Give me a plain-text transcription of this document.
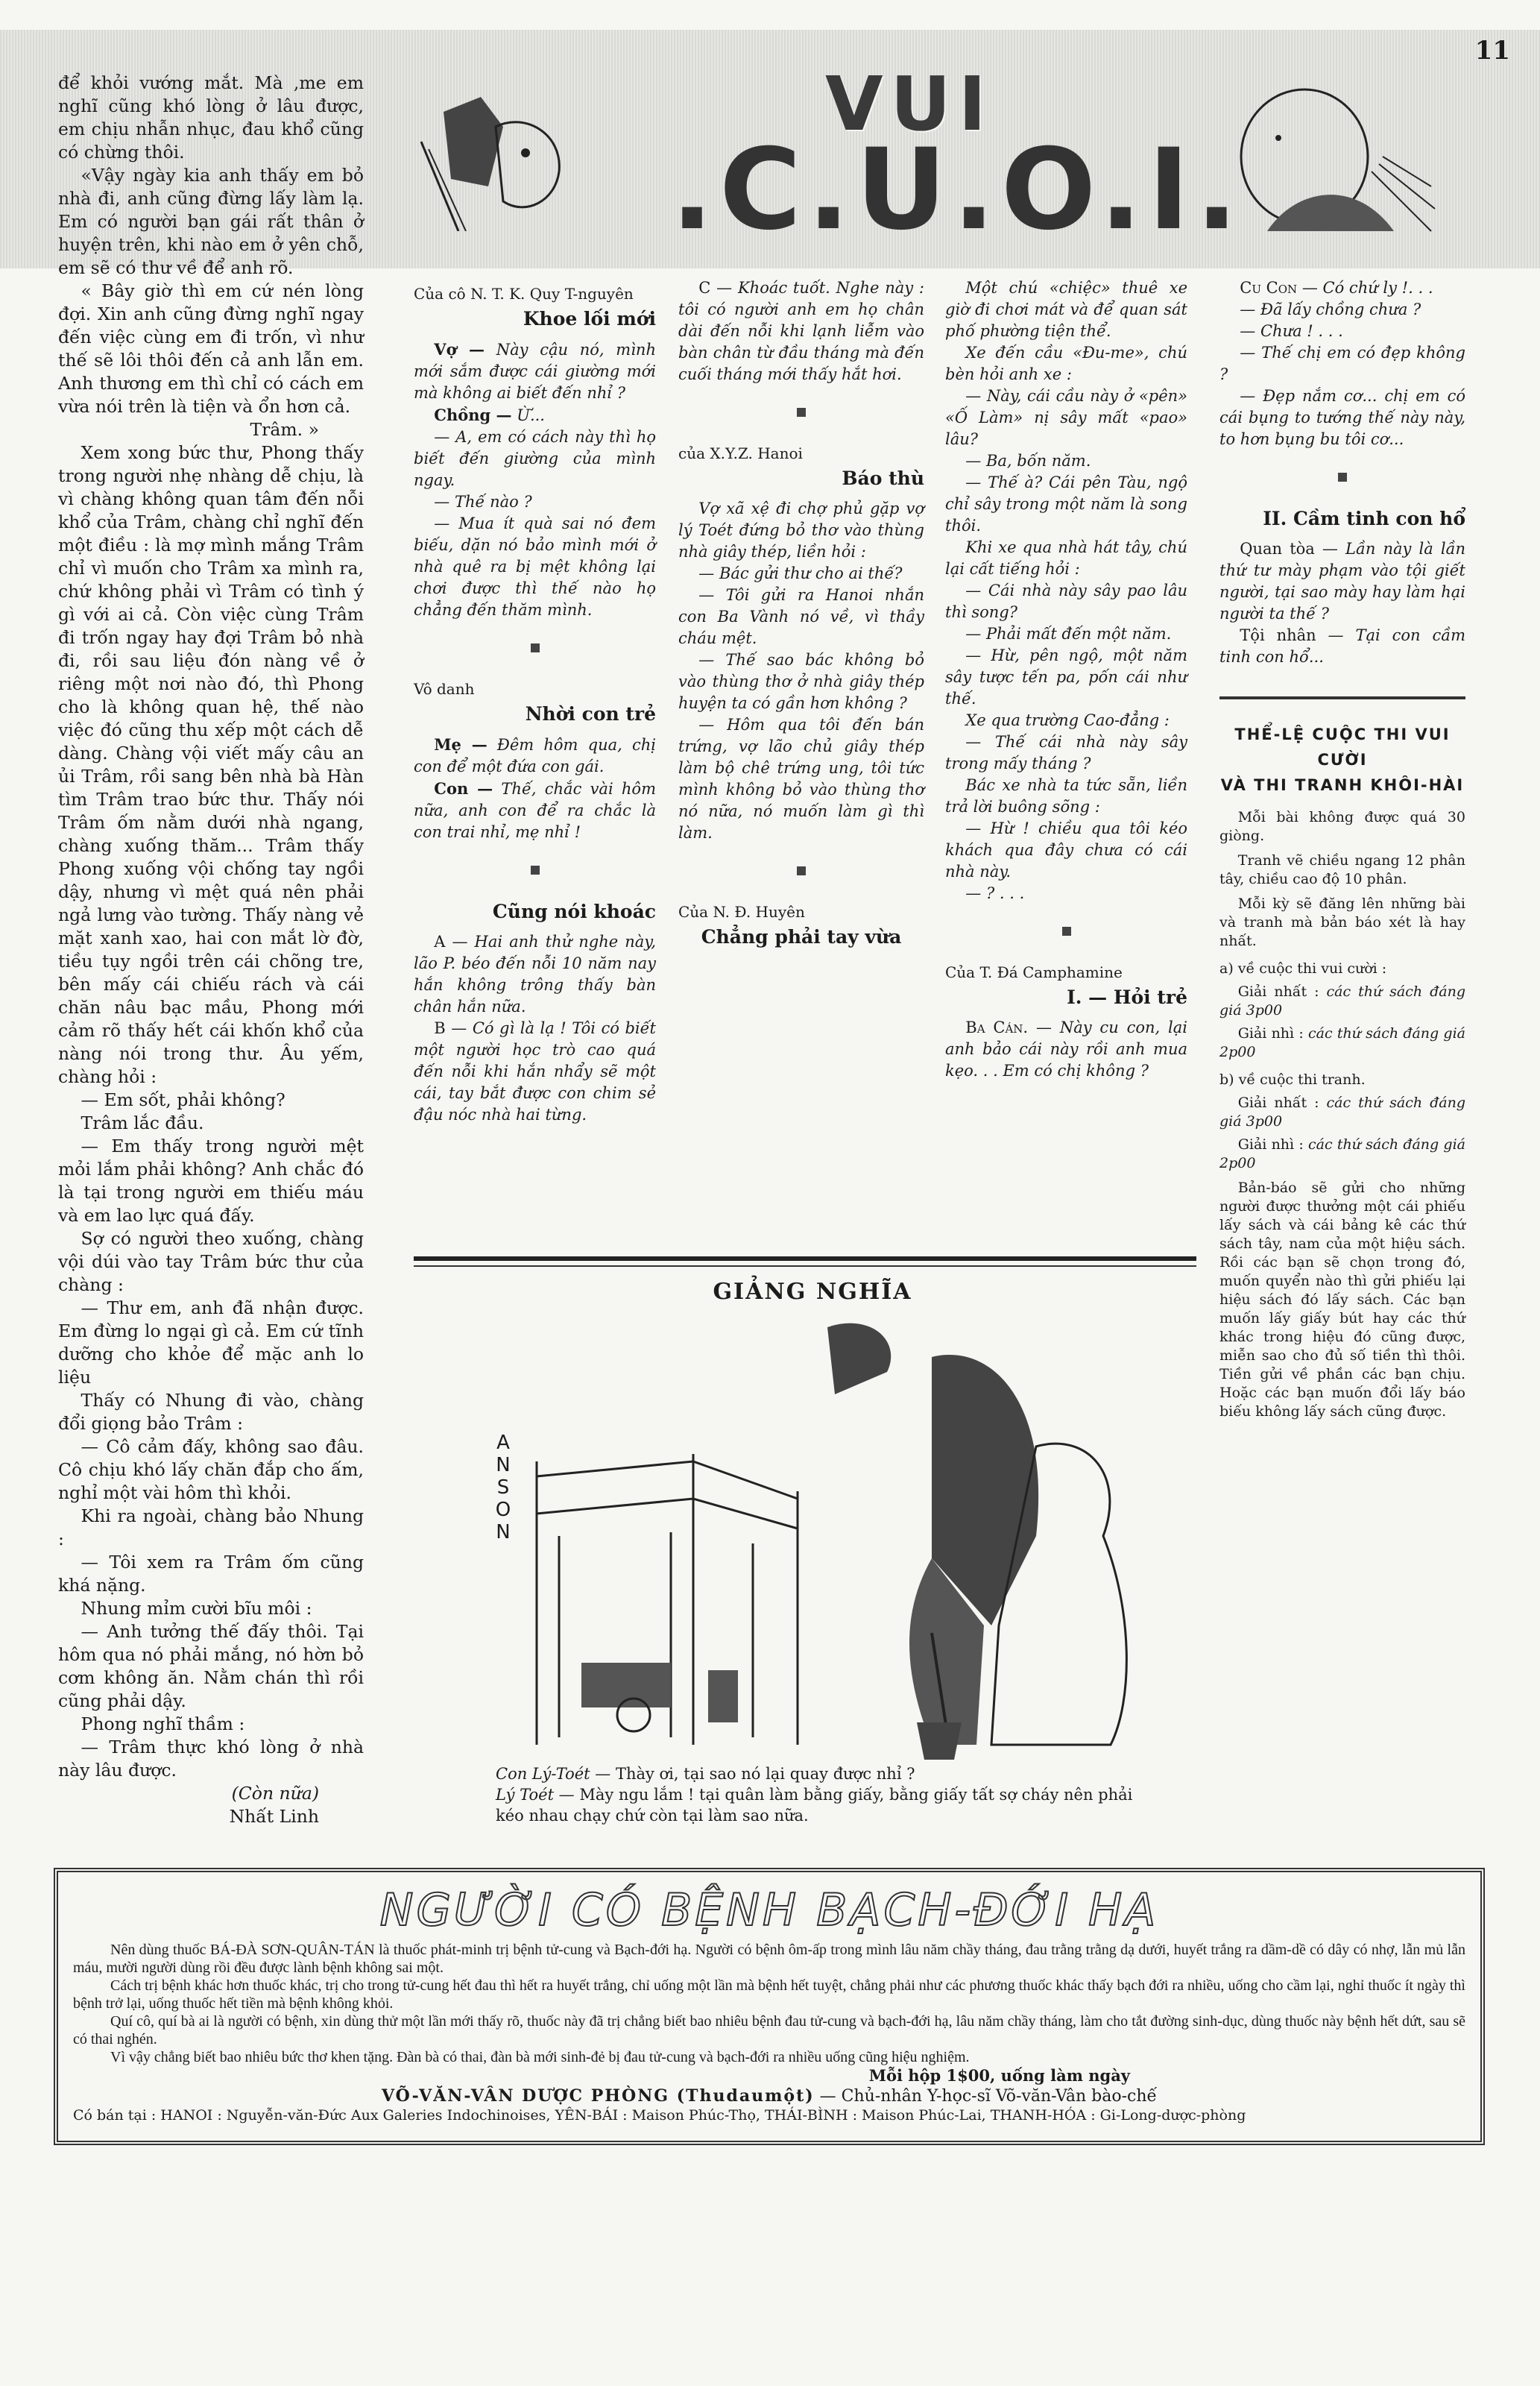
11
VUI
.C.U.O.I.

để khỏi vướng mắt. Mà ,me em nghĩ cũng khó lòng ở lâu được, em chịu nhẫn nhục, đau khổ cũng có chừng thôi.

«Vậy ngày kia anh thấy em bỏ nhà đi, anh cũng đừng lấy làm lạ. Em có người bạn gái rất thân ở huyện trên, khi nào em ở yên chỗ, em sẽ có thư về để anh rõ.

« Bây giờ thì em cứ nén lòng đợi. Xin anh cũng đừng nghĩ ngay đến việc cùng em đi trốn, vì như thế sẽ lôi thôi đến cả anh lẫn em. Anh thương em thì chỉ có cách em vừa nói trên là tiện và ổn hơn cả.

Trâm. »

Xem xong bức thư, Phong thấy trong người nhẹ nhàng dễ chịu, là vì chàng không quan tâm đến nỗi khổ của Trâm, chàng chỉ nghĩ đến một điều : là mợ mình mắng Trâm chỉ vì muốn cho Trâm xa mình ra, chứ không phải vì Trâm có tình ý gì với ai cả. Còn việc cùng Trâm đi trốn ngay hay đợi Trâm bỏ nhà đi, rồi sau liệu đón nàng về ở riêng một nơi nào đó, thì Phong cho là không quan hệ, thế nào việc đó cũng thu xếp một cách dễ dàng. Chàng vội viết mấy câu an ủi Trâm, rồi sang bên nhà bà Hàn tìm Trâm trao bức thư. Thấy nói Trâm ốm nằm dưới nhà ngang, chàng xuống thăm... Trâm thấy Phong xuống vội chống tay ngồi dậy, nhưng vì mệt quá nên phải ngả lưng vào tường. Thấy nàng vẻ mặt xanh xao, hai con mắt lờ đờ, tiều tụy ngồi trên cái chõng tre, bên mấy cái chiếu rách và cái chăn nâu bạc mầu, Phong mới cảm rõ thấy hết cái khốn khổ của nàng nói trong thư. Âu yếm, chàng hỏi :

— Em sốt, phải không?

Trâm lắc đầu.

— Em thấy trong người mệt mỏi lắm phải không? Anh chắc đó là tại trong người em thiếu máu và em lao lực quá đấy.

Sợ có người theo xuống, chàng vội dúi vào tay Trâm bức thư của chàng :

— Thư em, anh đã nhận được. Em đừng lo ngại gì cả. Em cứ tĩnh dưỡng cho khỏe để mặc anh lo liệu

Thấy có Nhung đi vào, chàng đổi giọng bảo Trâm :

— Cô cảm đấy, không sao đâu. Cô chịu khó lấy chăn đắp cho ấm, nghỉ một vài hôm thì khỏi.

Khi ra ngoài, chàng bảo Nhung :

— Tôi xem ra Trâm ốm cũng khá nặng.

Nhung mỉm cười bĩu môi :

— Anh tưởng thế đấy thôi. Tại hôm qua nó phải mắng, nó hờn bỏ cơm không ăn. Nằm chán thì rồi cũng phải dậy.

Phong nghĩ thầm :

— Trâm thực khó lòng ở nhà này lâu được.

(Còn nữa)
Nhất Linh
Của cô N. T. K. Quy T-nguyên
Khoe lối mới

Vợ — Này cậu nó, mình mới sắm được cái giường mới mà không ai biết đến nhỉ ?

Chồng — Ừ...

— A, em có cách này thì họ biết đến giường của mình ngay.

— Thế nào ?

— Mua ít quà sai nó đem biếu, dặn nó bảo mình mới ở nhà quê ra bị mệt không lại chơi được thì thế nào họ chẳng đến thăm mình.

Vô danh
Nhời con trẻ

Mẹ — Đêm hôm qua, chị con để một đứa con gái.

Con — Thế, chắc vài hôm nữa, anh con để ra chắc là con trai nhỉ, mẹ nhỉ !

Cũng nói khoác

A — Hai anh thử nghe này, lão P. béo đến nỗi 10 năm nay hắn không trông thấy bàn chân hắn nữa.

B — Có gì là lạ ! Tôi có biết một người học trò cao quá đến nỗi khi hắn nhẩy sẽ một cái, tay bắt được con chim sẻ đậu nóc nhà hai từng.

C — Khoác tuốt. Nghe này : tôi có người anh em họ chân dài đến nỗi khi lạnh liễm vào bàn chân từ đầu tháng mà đến cuối tháng mới thấy hắt hơi.

của X.Y.Z. Hanoi
Báo thù

Vợ xã xệ đi chợ phủ gặp vợ lý Toét đứng bỏ thơ vào thùng nhà giây thép, liền hỏi :

— Bác gửi thư cho ai thế?

— Tôi gửi ra Hanoi nhắn con Ba Vành nó về, vì thầy cháu mệt.

— Thế sao bác không bỏ vào thùng thơ ở nhà giây thép huyện ta có gần hơn không ?

— Hôm qua tôi đến bán trứng, vợ lão chủ giây thép làm bộ chê trứng ung, tôi tức mình không bỏ vào thùng thơ nó nữa, nó muốn làm gì thì làm.

Của N. Đ. Huyên
Chẳng phải tay vừa

Một chú «chiệc» thuê xe giờ đi chơi mát và để quan sát phố phường tiện thể.

Xe đến cầu «Đu-me», chú bèn hỏi anh xe :

— Này, cái cầu này ở «pên» «Ố Làm» nị sây mất «pao» lâu?

— Ba, bốn năm.

— Thế à? Cái pên Tàu, ngộ chỉ sây trong một năm là song thôi.

Khi xe qua nhà hát tây, chú lại cất tiếng hỏi :

— Cái nhà này sây pao lâu thì song?

— Phải mất đến một năm.

— Hừ, pên ngộ, một năm sây tược tến pa, pốn cái như thế.

Xe qua trường Cao-đẳng :

— Thế cái nhà này sây trong mấy tháng ?

Bác xe nhà ta tức sẵn, liền trả lời buông sõng :

— Hừ ! chiều qua tôi kéo khách qua đây chưa có cái nhà này.

— ? . . .

Của T. Đá Camphamine
I. — Hỏi trẻ

Ba Cán. — Này cu con, lại anh bảo cái này rồi anh mua kẹo. . . Em có chị không ?

Cu Con — Có chứ ly !. . .

— Đã lấy chồng chưa ?

— Chưa ! . . .

— Thế chị em có đẹp không ?

— Đẹp nắm cơ... chị em có cái bụng to tướng thế này này, to hơn bụng bu tôi cơ...

II. Cầm tinh con hổ

Quan tòa — Lần này là lần thứ tư mày phạm vào tội giết người, tại sao mày hay làm hại người ta thế ?

Tội nhân — Tại con cầm tinh con hổ...

THỂ-LỆ CUỘC THI VUI CƯỜI
VÀ THI TRANH KHÔI-HÀI

Mỗi bài không được quá 30 giòng.

Tranh vẽ chiều ngang 12 phân tây, chiều cao độ 10 phân.

Mỗi kỳ sẽ đăng lên những bài và tranh mà bản báo xét là hay nhất.

a) về cuộc thi vui cười :

Giải nhất : các thứ sách đáng giá 3p00

Giải nhì : các thứ sách đáng giá 2p00

b) về cuộc thi tranh.

Giải nhất : các thứ sách đáng giá 3p00

Giải nhì : các thứ sách đáng giá 2p00

Bản-báo sẽ gửi cho những người được thưởng một cái phiếu lấy sách và cái bảng kê các thứ sách tây, nam của một hiệu sách. Rồi các bạn sẽ chọn trong đó, muốn quyển nào thì gửi phiếu lại hiệu sách đó lấy sách. Các bạn muốn lấy giấy bút hay các thứ khác trong hiệu đó cũng được, miễn sao cho đủ số tiền thì thôi. Tiền gửi về phần các bạn chịu. Hoặc các bạn muốn đổi lấy báo biếu không lấy sách cũng được.

GIẢNG NGHĨA
ANSON
Con Lý-Toét — Thày ơi, tại sao nó lại quay được nhỉ ?
Lý Toét — Mày ngu lắm ! tại quân làm bằng giấy, bằng giấy tất sợ cháy nên phải kéo nhau chạy chứ còn tại làm sao nữa.
NGƯỜI CÓ BỆNH BẠCH-ĐỚI HẠ

Nên dùng thuốc BÁ-ĐÀ SƠN-QUÂN-TÁN là thuốc phát-minh trị bệnh tử-cung và Bạch-đới hạ. Người có bệnh ôm-ấp trong mình lâu năm chầy tháng, đau trằng trằng dạ dưới, huyết trắng ra dầm-dề có dây có nhợ, lẫn mủ lẫn máu, mười người dùng rồi đều được lành bệnh không sai một.

Cách trị bệnh khác hơn thuốc khác, trị cho trong tử-cung hết đau thì hết ra huyết trắng, chỉ uống một lần mà bệnh hết tuyệt, chẳng phải như các phương thuốc khác thấy bạch đới ra nhiều, uống cho cầm lại, nghỉ thuốc ít ngày thì bệnh trở lại, uống thuốc hết tiền mà bệnh không khỏi.

Quí cô, quí bà ai là người có bệnh, xin dùng thử một lần mới thấy rõ, thuốc này đã trị chẳng biết bao nhiêu bệnh đau tử-cung và bạch-đới hạ, lâu năm chầy tháng, làm cho tắt đường sinh-dục, dùng thuốc này bệnh hết dứt, sau sẽ có thai nghén.

Vì vậy chẳng biết bao nhiêu bức thơ khen tặng. Đàn bà có thai, đàn bà mới sinh-đẻ bị đau tử-cung và bạch-đới ra nhiều uống cũng hiệu nghiệm.

Mỗi hộp 1$00, uống làm ngày
VÕ-VĂN-VÂN DƯỢC PHÒNG (Thudaumột) — Chủ-nhân Y-học-sĩ Võ-văn-Vân bào-chế
Có bán tại : HANOI : Nguyễn-văn-Đức Aux Galeries Indochinoises, YÊN-BÁI : Maison Phúc-Thọ, THÁI-BÌNH : Maison Phúc-Lai, THANH-HÓA : Gi-Long-dược-phòng
